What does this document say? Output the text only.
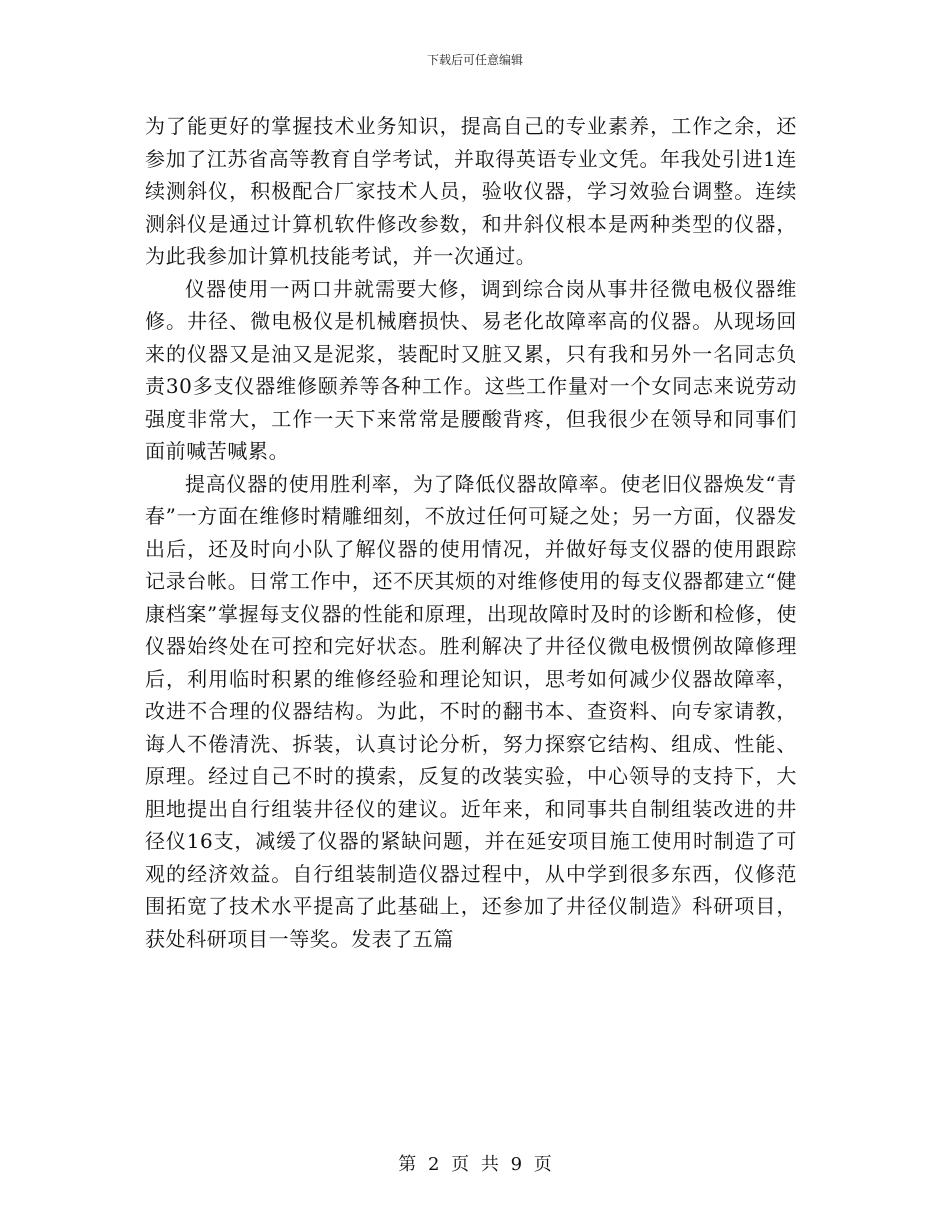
下载后可任意编辑

为了能更好的掌握技术业务知识，提高自己的专业素养，工作之余，还参加了江苏省高等教育自学考试，并取得英语专业文凭。年我处引进1连续测斜仪，积极配合厂家技术人员，验收仪器，学习效验台调整。连续测斜仪是通过计算机软件修改参数，和井斜仪根本是两种类型的仪器，为此我参加计算机技能考试，并一次通过。

仪器使用一两口井就需要大修，调到综合岗从事井径微电极仪器维修。井径、微电极仪是机械磨损快、易老化故障率高的仪器。从现场回来的仪器又是油又是泥浆，装配时又脏又累，只有我和另外一名同志负责30多支仪器维修颐养等各种工作。这些工作量对一个女同志来说劳动强度非常大，工作一天下来常常是腰酸背疼，但我很少在领导和同事们面前喊苦喊累。

提高仪器的使用胜利率，为了降低仪器故障率。使老旧仪器焕发“青春”一方面在维修时精雕细刻，不放过任何可疑之处；另一方面，仪器发出后，还及时向小队了解仪器的使用情况，并做好每支仪器的使用跟踪记录台帐。日常工作中，还不厌其烦的对维修使用的每支仪器都建立“健康档案”掌握每支仪器的性能和原理，出现故障时及时的诊断和检修，使仪器始终处在可控和完好状态。胜利解决了井径仪微电极惯例故障修理后，利用临时积累的维修经验和理论知识，思考如何减少仪器故障率，改进不合理的仪器结构。为此，不时的翻书本、查资料、向专家请教，诲人不倦清洗、拆装，认真讨论分析，努力探察它结构、组成、性能、原理。经过自己不时的摸索，反复的改装实验，中心领导的支持下，大胆地提出自行组装井径仪的建议。近年来，和同事共自制组装改进的井径仪16支，减缓了仪器的紧缺问题，并在延安项目施工使用时制造了可观的经济效益。自行组装制造仪器过程中，从中学到很多东西，仪修范围拓宽了技术水平提高了此基础上，还参加了井径仪制造》科研项目，获处科研项目一等奖。发表了五篇

第 2 页 共 9 页
